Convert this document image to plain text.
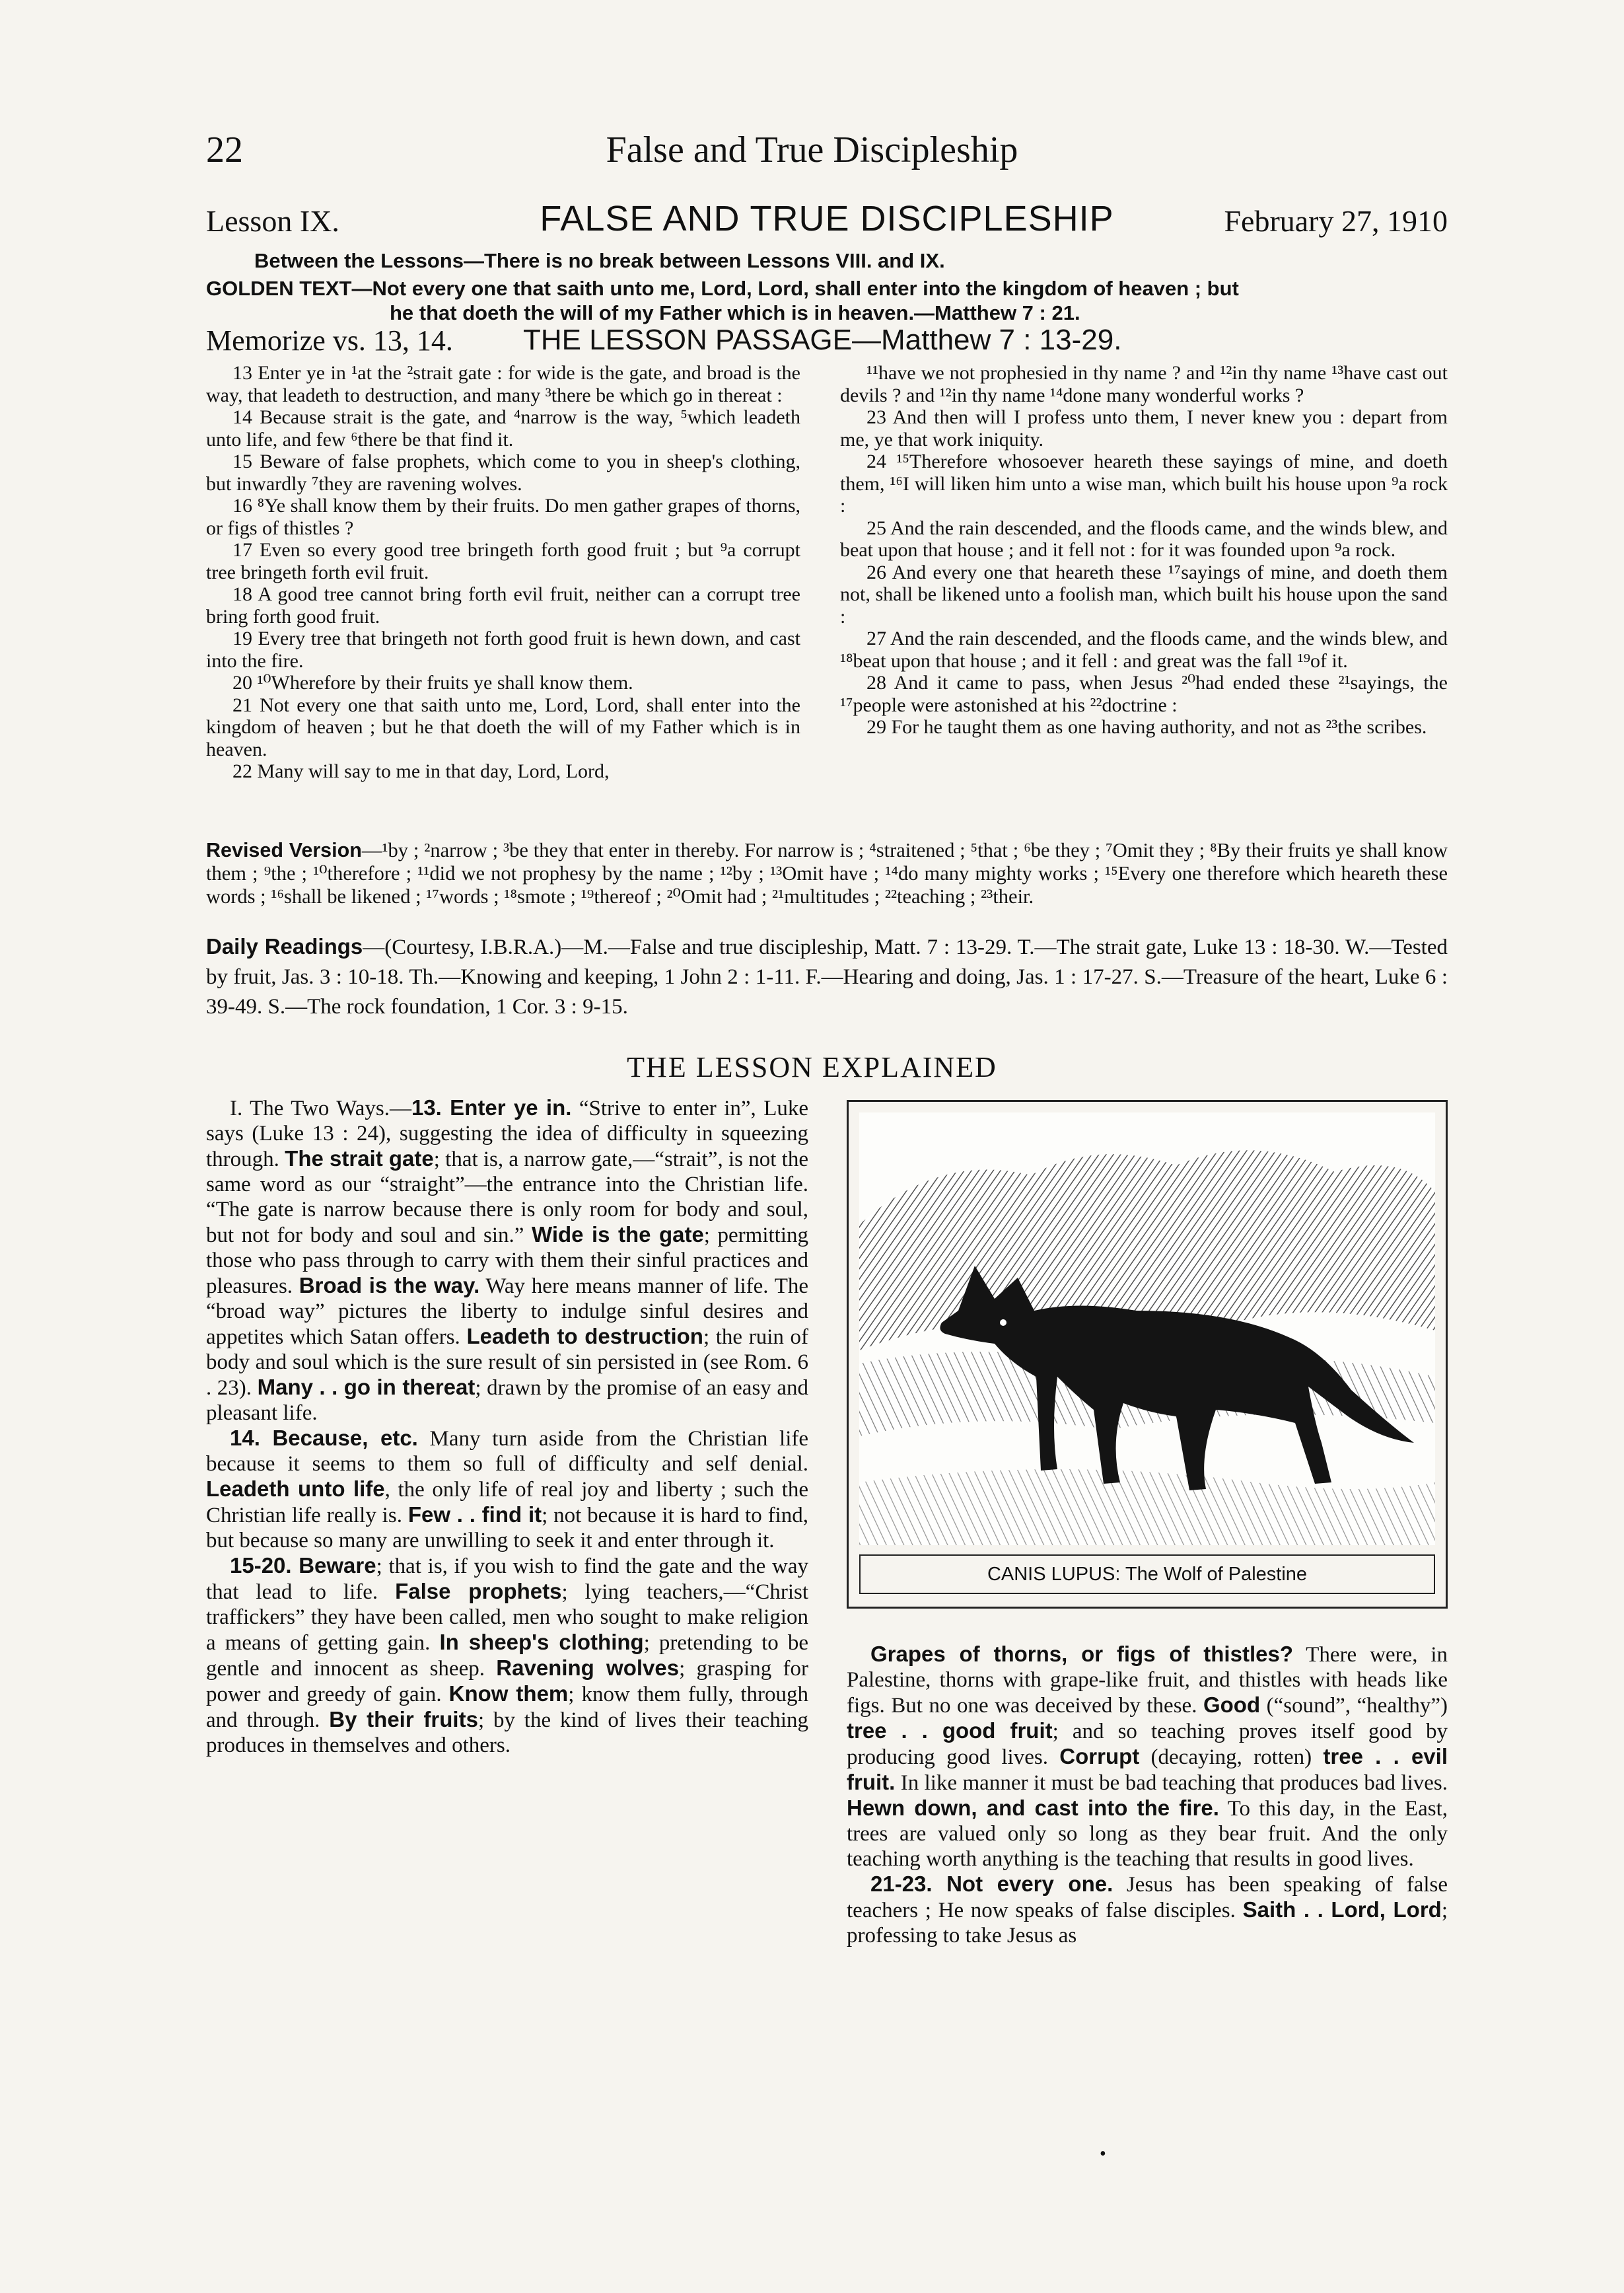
22	False and True Discipleship
Lesson IX.	FALSE AND TRUE DISCIPLESHIP	February 27, 1910
Between the Lessons—There is no break between Lessons VIII. and IX.
GOLDEN TEXT—Not every one that saith unto me, Lord, Lord, shall enter into the kingdom of heaven ; but
he that doeth the will of my Father which is in heaven.—Matthew 7 : 21.
Memorize vs. 13, 14. THE LESSON PASSAGE—Matthew 7 : 13-29.

13 Enter ye in ¹at the ²strait gate : for wide is the gate, and broad is the way, that leadeth to destruction, and many ³there be which go in thereat :

14 Because strait is the gate, and ⁴narrow is the way, ⁵which leadeth unto life, and few ⁶there be that find it.

15 Beware of false prophets, which come to you in sheep's clothing, but inwardly ⁷they are ravening wolves.

16 ⁸Ye shall know them by their fruits. Do men gather grapes of thorns, or figs of thistles ?

17 Even so every good tree bringeth forth good fruit ; but ⁹a corrupt tree bringeth forth evil fruit.

18 A good tree cannot bring forth evil fruit, neither can a corrupt tree bring forth good fruit.

19 Every tree that bringeth not forth good fruit is hewn down, and cast into the fire.

20 ¹⁰Wherefore by their fruits ye shall know them.

21 Not every one that saith unto me, Lord, Lord, shall enter into the kingdom of heaven ; but he that doeth the will of my Father which is in heaven.

22 Many will say to me in that day, Lord, Lord,

¹¹have we not prophesied in thy name ? and ¹²in thy name ¹³have cast out devils ? and ¹²in thy name ¹⁴done many wonderful works ?

23 And then will I profess unto them, I never knew you : depart from me, ye that work iniquity.

24 ¹⁵Therefore whosoever heareth these sayings of mine, and doeth them, ¹⁶I will liken him unto a wise man, which built his house upon ⁹a rock :

25 And the rain descended, and the floods came, and the winds blew, and beat upon that house ; and it fell not : for it was founded upon ⁹a rock.

26 And every one that heareth these ¹⁷sayings of mine, and doeth them not, shall be likened unto a foolish man, which built his house upon the sand :

27 And the rain descended, and the floods came, and the winds blew, and ¹⁸beat upon that house ; and it fell : and great was the fall ¹⁹of it.

28 And it came to pass, when Jesus ²⁰had ended these ²¹sayings, the ¹⁷people were astonished at his ²²doctrine :

29 For he taught them as one having authority, and not as ²³the scribes.

Revised Version—¹by ; ²narrow ; ³be they that enter in thereby. For narrow is ; ⁴straitened ; ⁵that ; ⁶be they ; ⁷Omit they ; ⁸By their fruits ye shall know them ; ⁹the ; ¹⁰therefore ; ¹¹did we not prophesy by the name ; ¹²by ; ¹³Omit have ; ¹⁴do many mighty works ; ¹⁵Every one therefore which heareth these words ; ¹⁶shall be likened ; ¹⁷words ; ¹⁸smote ; ¹⁹thereof ; ²⁰Omit had ; ²¹multitudes ; ²²teaching ; ²³their.
Daily Readings—(Courtesy, I.B.R.A.)—M.—False and true discipleship, Matt. 7 : 13-29. T.—The strait gate, Luke 13 : 18-30. W.—Tested by fruit, Jas. 3 : 10-18. Th.—Knowing and keeping, 1 John 2 : 1-11. F.—Hearing and doing, Jas. 1 : 17-27. S.—Treasure of the heart, Luke 6 : 39-49. S.—The rock foundation, 1 Cor. 3 : 9-15.
THE LESSON EXPLAINED

I. The Two Ways.—13. Enter ye in. “Strive to enter in”, Luke says (Luke 13 : 24), suggesting the idea of difficulty in squeezing through. The strait gate; that is, a narrow gate,—“strait”, is not the same word as our “straight”—the entrance into the Christian life. “The gate is narrow because there is only room for body and soul, but not for body and soul and sin.” Wide is the gate; permitting those who pass through to carry with them their sinful practices and pleasures. Broad is the way. Way here means manner of life. The “broad way” pictures the liberty to indulge sinful desires and appetites which Satan offers. Leadeth to destruction; the ruin of body and soul which is the sure result of sin persisted in (see Rom. 6 . 23). Many . . go in thereat; drawn by the promise of an easy and pleasant life.

14. Because, etc. Many turn aside from the Christian life because it seems to them so full of difficulty and self denial. Leadeth unto life, the only life of real joy and liberty ; such the Christian life really is. Few . . find it; not because it is hard to find, but because so many are unwilling to seek it and enter through it.

15-20. Beware; that is, if you wish to find the gate and the way that lead to life. False prophets; lying teachers,—“Christ traffickers” they have been called, men who sought to make religion a means of getting gain. In sheep's clothing; pretending to be gentle and innocent as sheep. Ravening wolves; grasping for power and greedy of gain. Know them; know them fully, through and through. By their fruits; by the kind of lives their teaching produces in themselves and others.

CANIS LUPUS: The Wolf of Palestine

Grapes of thorns, or figs of thistles? There were, in Palestine, thorns with grape-like fruit, and thistles with heads like figs. But no one was deceived by these. Good (“sound”, “healthy”) tree . . good fruit; and so teaching proves itself good by producing good lives. Corrupt (decaying, rotten) tree . . evil fruit. In like manner it must be bad teaching that produces bad lives. Hewn down, and cast into the fire. To this day, in the East, trees are valued only so long as they bear fruit. And the only teaching worth anything is the teaching that results in good lives.

21-23. Not every one. Jesus has been speaking of false teachers ; He now speaks of false disciples. Saith . . Lord, Lord; professing to take Jesus as

•
